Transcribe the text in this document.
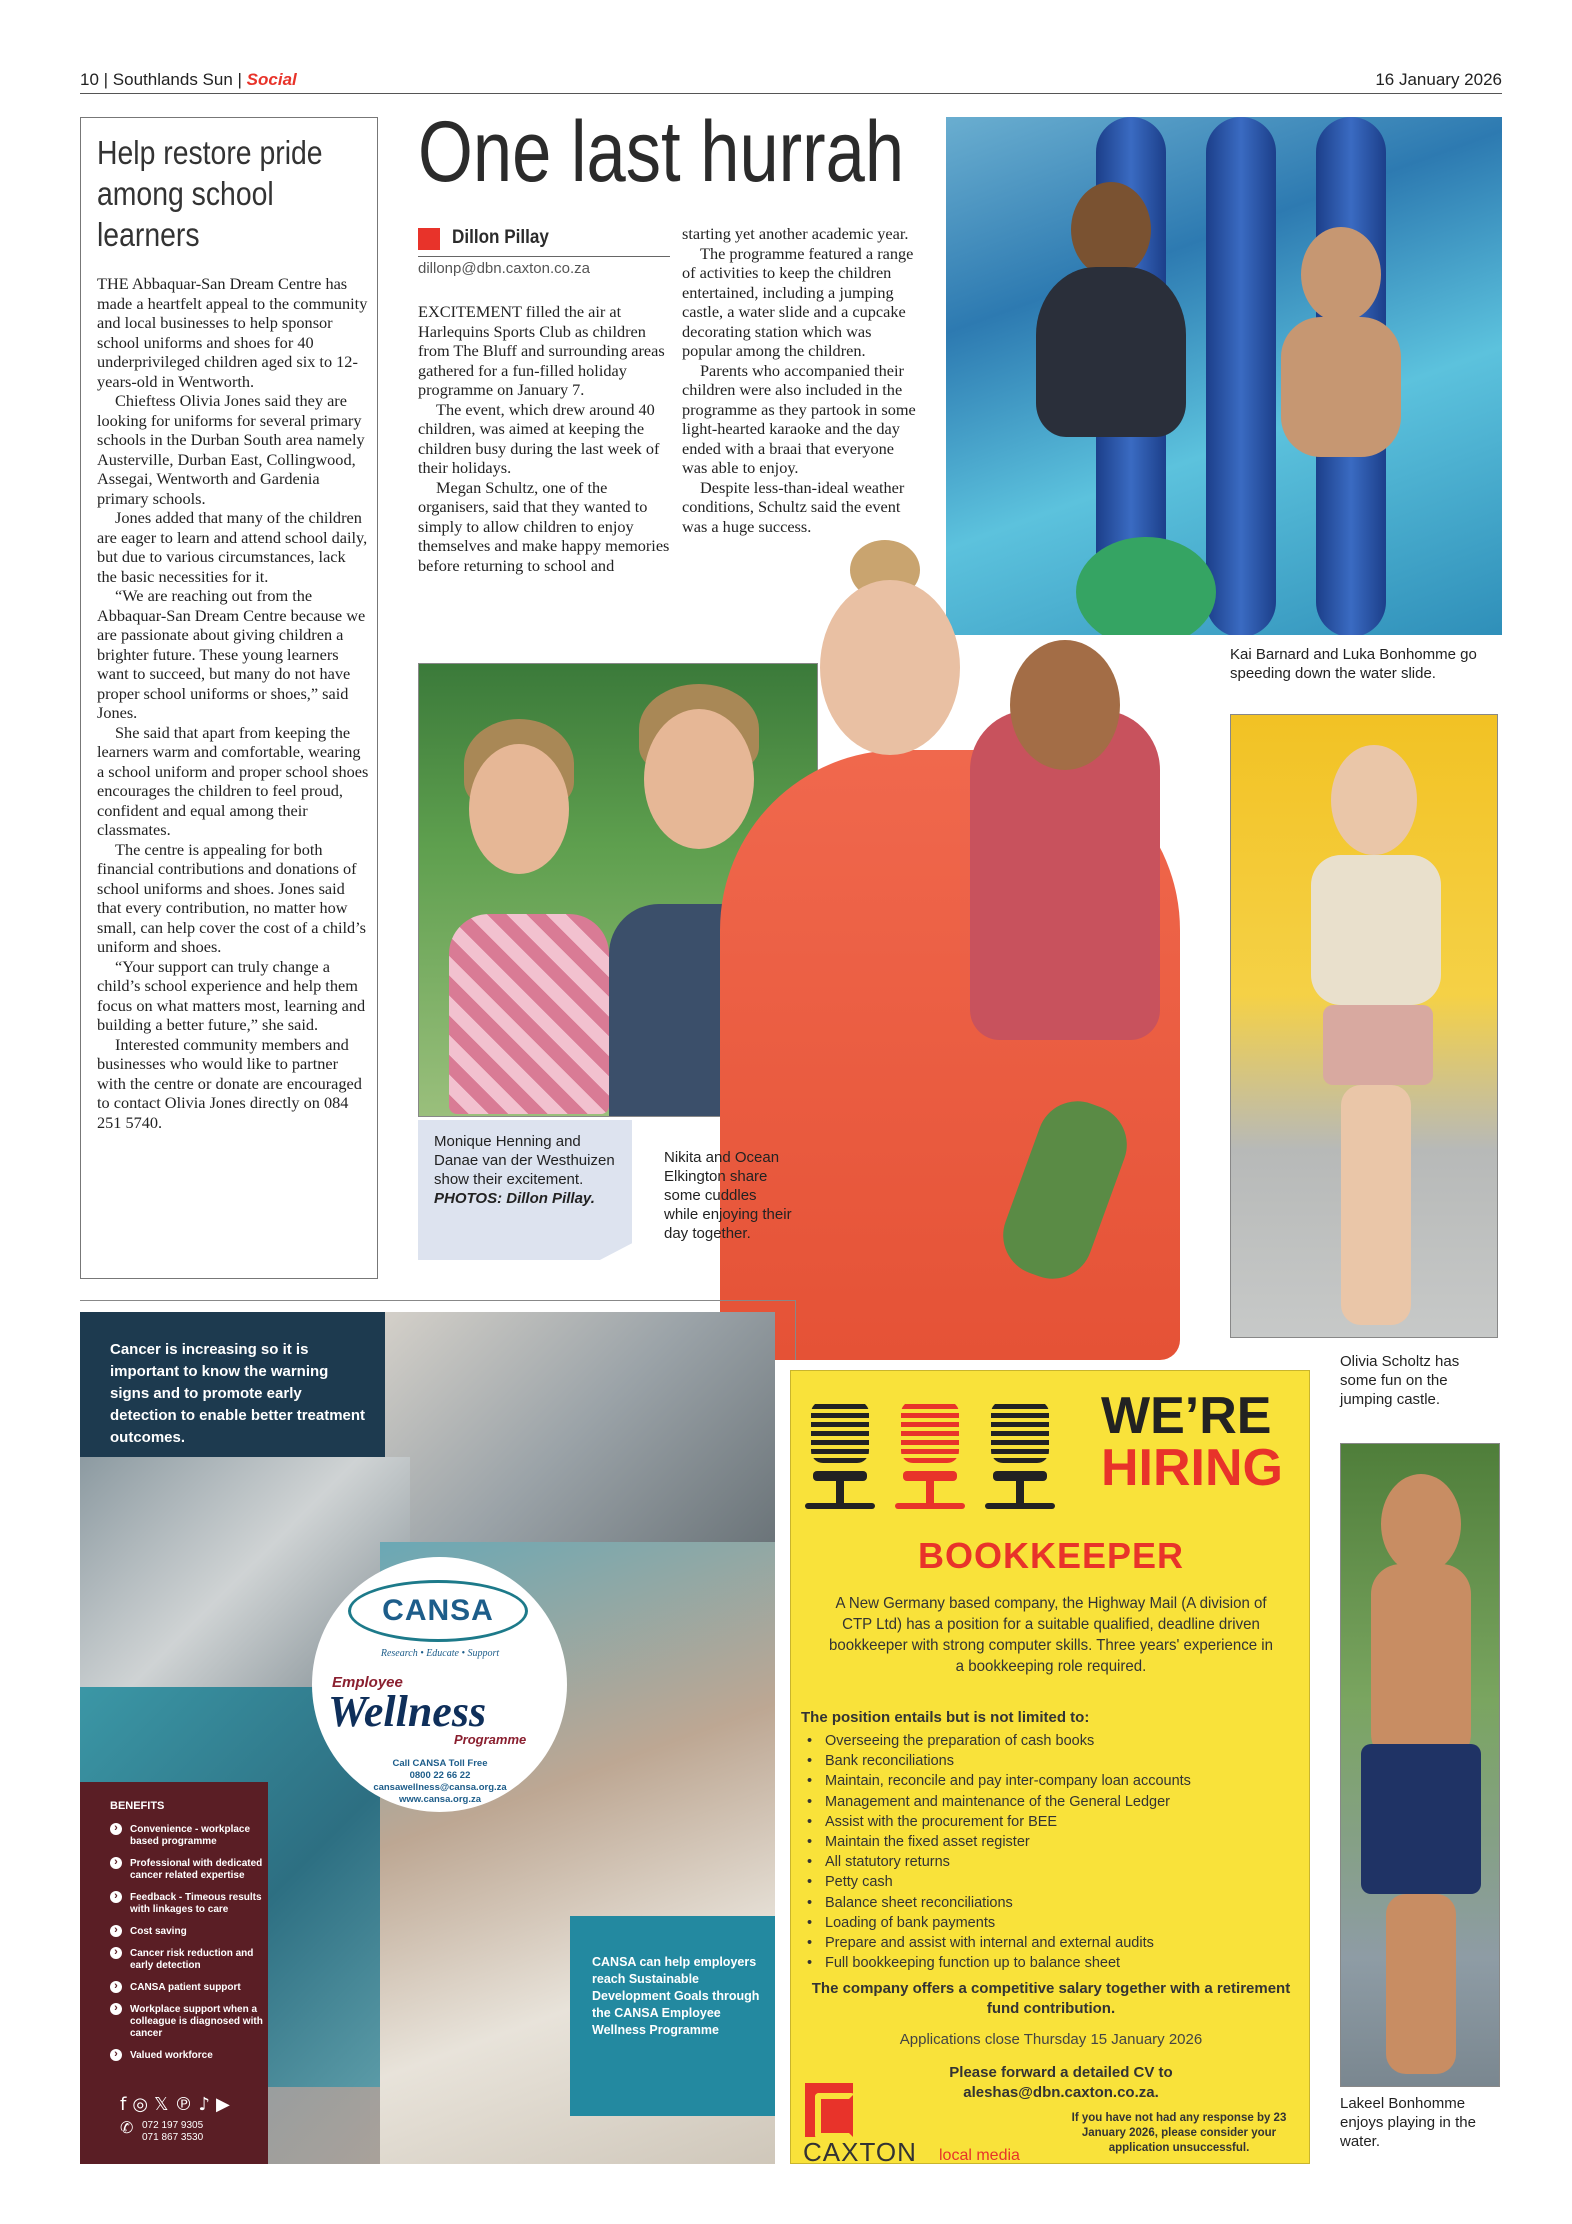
10 | Southlands Sun | Social	16 January 2026
Help restore pride among school learners

THE Abbaquar-San Dream Centre has made a heartfelt appeal to the community and local businesses to help sponsor school uniforms and shoes for 40 underprivileged children aged six to 12-years-old in Wentworth.

Chieftess Olivia Jones said they are looking for uniforms for several primary schools in the Durban South area namely Austerville, Durban East, Collingwood, Assegai, Wentworth and Gardenia primary schools.

Jones added that many of the children are eager to learn and attend school daily, but due to various circumstances, lack the basic necessities for it.

“We are reaching out from the Abbaquar-San Dream Centre because we are passionate about giving children a brighter future. These young learners want to succeed, but many do not have proper school uniforms or shoes,” said Jones.

She said that apart from keeping the learners warm and comfortable, wearing a school uniform and proper school shoes encourages the children to feel proud, confident and equal among their classmates.

The centre is appealing for both financial contributions and donations of school uniforms and shoes. Jones said that every contribution, no matter how small, can help cover the cost of a child’s uniform and shoes.

“Your support can truly change a child’s school experience and help them focus on what matters most, learning and building a better future,” she said.

Interested community members and businesses who would like to partner with the centre or donate are encouraged to contact Olivia Jones directly on 084 251 5740.

One last hurrah
Dillon Pillay
dillonp@dbn.caxton.co.za

EXCITEMENT filled the air at Harlequins Sports Club as children from The Bluff and surrounding areas gathered for a fun-filled holiday programme on January 7.

The event, which drew around 40 children, was aimed at keeping the children busy during the last week of their holidays.

Megan Schultz, one of the organisers, said that they wanted to simply to allow children to enjoy themselves and make happy memories before returning to school and

starting yet another academic year.

The programme featured a range of activities to keep the children entertained, including a jumping castle, a water slide and a cupcake decorating station which was popular among the children.

Parents who accompanied their children were also included in the programme as they partook in some light-hearted karaoke and the day ended with a braai that everyone was able to enjoy.

Despite less-than-ideal weather conditions, Schultz said the event was a huge success.

Kai Barnard and Luka Bonhomme go speeding down the water slide.
Monique Henning and Danae van der Westhuizen show their excitement.
PHOTOS: Dillon Pillay.
Nikita and Ocean Elkington share some cuddles while enjoying their day together.
Olivia Scholtz has some fun on the jumping castle.
Lakeel Bonhomme enjoys playing in the water.
Cancer is increasing so it is important to know the warning signs and to promote early detection to enable better treatment outcomes.
CANSA
Research • Educate • Support
Employee
Wellness
Programme
Call CANSA Toll Free
0800 22 66 22
cansawellness@cansa.org.za
www.cansa.org.za
BENEFITS
› Convenience - workplace based programme
› Professional with dedicated cancer related expertise
› Feedback - Timeous results with linkages to care
› Cost saving
› Cancer risk reduction and early detection
› CANSA patient support
› Workplace support when a colleague is diagnosed with cancer
› Valued workforce
f◎𝕏℗♪▶
✆ 072 197 9305
071 867 3530
CANSA can help employers reach Sustainable Development Goals through the CANSA Employee Wellness Programme
WE’RE
HIRING
BOOKKEEPER
A New Germany based company, the Highway Mail (A division of CTP Ltd) has a position for a suitable qualified, deadline driven bookkeeper with strong computer skills. Three years' experience in a bookkeeping role required.
The position entails but is not limited to:
• Overseeing the preparation of cash books
• Bank reconciliations
• Maintain, reconcile and pay inter-company loan accounts
• Management and maintenance of the General Ledger
• Assist with the procurement for BEE
• Maintain the fixed asset register
• All statutory returns
• Petty cash
• Balance sheet reconciliations
• Loading of bank payments
• Prepare and assist with internal and external audits
• Full bookkeeping function up to balance sheet
The company offers a competitive salary together with a retirement fund contribution.
Applications close Thursday 15 January 2026
Please forward a detailed CV to aleshas@dbn.caxton.co.za.
CAXTON local media
If you have not had any response by 23 January 2026, please consider your application unsuccessful.
